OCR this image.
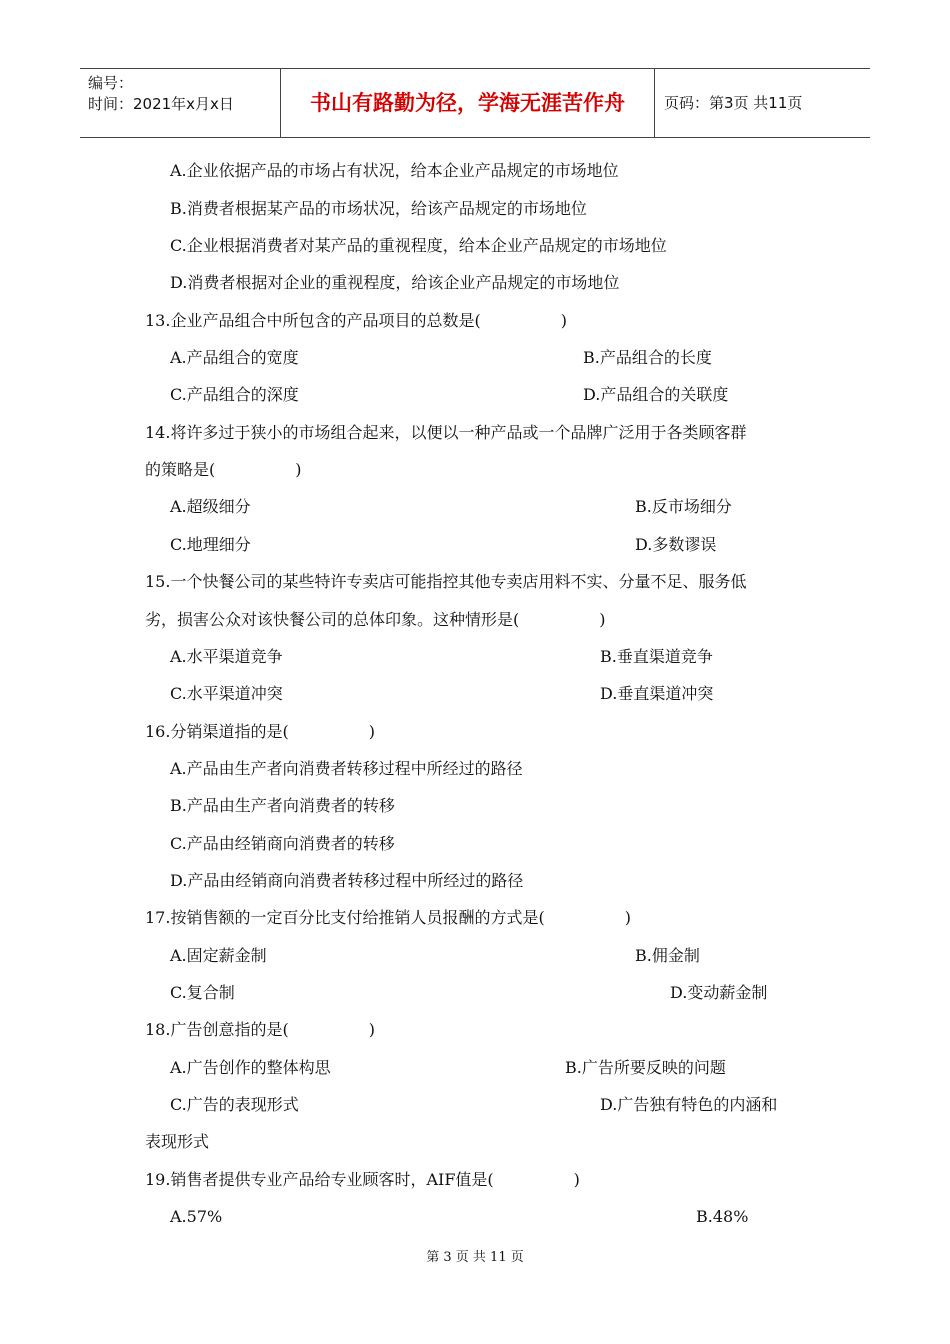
编号：
时间：2021年x月x日	书山有路勤为径，学海无涯苦作舟	页码：第3页 共11页
A.企业依据产品的市场占有状况，给本企业产品规定的市场地位
B.消费者根据某产品的市场状况，给该产品规定的市场地位
C.企业根据消费者对某产品的重视程度，给本企业产品规定的市场地位
D.消费者根据对企业的重视程度，给该企业产品规定的市场地位
13.企业产品组合中所包含的产品项目的总数是(　　　　　)
A.产品组合的宽度	B.产品组合的长度
C.产品组合的深度	D.产品组合的关联度
14.将许多过于狭小的市场组合起来，以便以一种产品或一个品牌广泛用于各类顾客群
的策略是(　　　　　)
A.超级细分	B.反市场细分
C.地理细分	D.多数谬误
15.一个快餐公司的某些特许专卖店可能指控其他专卖店用料不实、分量不足、服务低
劣，损害公众对该快餐公司的总体印象。这种情形是(　　　　　)
A.水平渠道竞争	B.垂直渠道竞争
C.水平渠道冲突	D.垂直渠道冲突
16.分销渠道指的是(　　　　　)
A.产品由生产者向消费者转移过程中所经过的路径
B.产品由生产者向消费者的转移
C.产品由经销商向消费者的转移
D.产品由经销商向消费者转移过程中所经过的路径
17.按销售额的一定百分比支付给推销人员报酬的方式是(　　　　　)
A.固定薪金制	B.佣金制
C.复合制	D.变动薪金制
18.广告创意指的是(　　　　　)
A.广告创作的整体构思	B.广告所要反映的问题
C.广告的表现形式	D.广告独有特色的内涵和
表现形式
19.销售者提供专业产品给专业顾客时，AIF值是(　　　　　)
A.57%	B.48%
第 3 页 共 11 页
